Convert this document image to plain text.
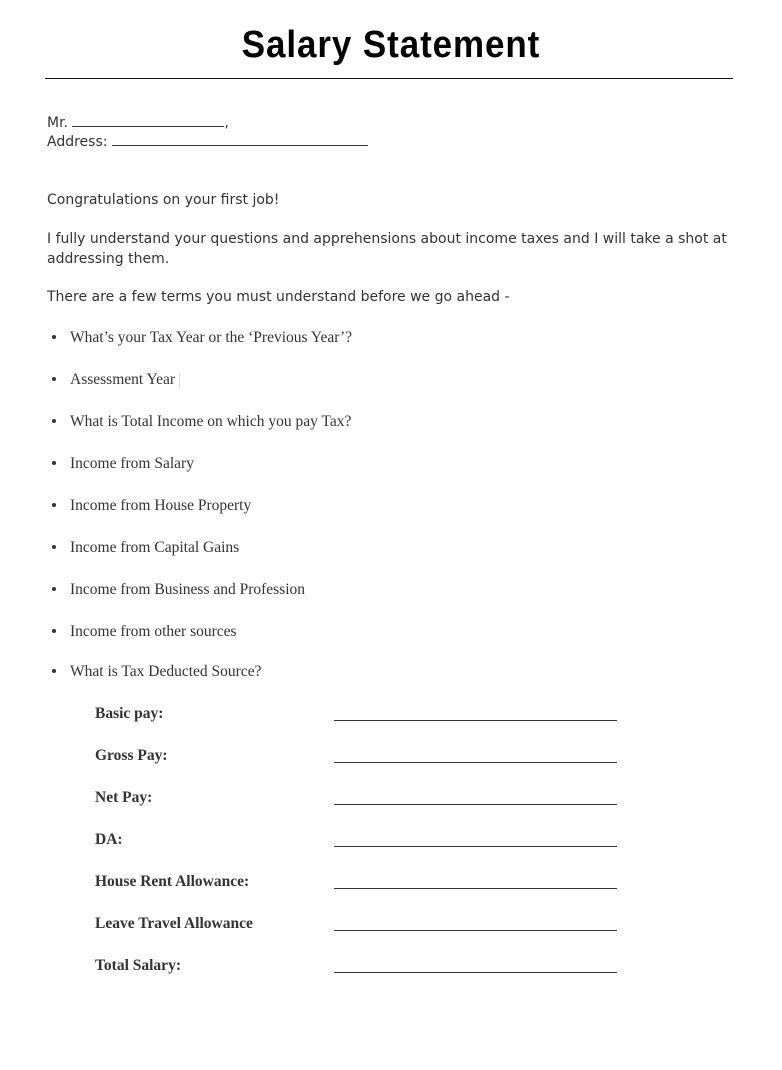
Salary Statement
Mr.	,
Address:
Congratulations on your first job!
I fully understand your questions and apprehensions about income taxes and I will take a shot at addressing them.
There are a few terms you must understand before we go ahead -
What’s your Tax Year or the ‘Previous Year’?
Assessment Year
What is Total Income on which you pay Tax?
Income from Salary
Income from House Property
Income from Capital Gains
Income from Business and Profession
Income from other sources
What is Tax Deducted Source?
Basic pay:
Gross Pay:
Net Pay:
DA:
House Rent Allowance:
Leave Travel Allowance
Total Salary:
